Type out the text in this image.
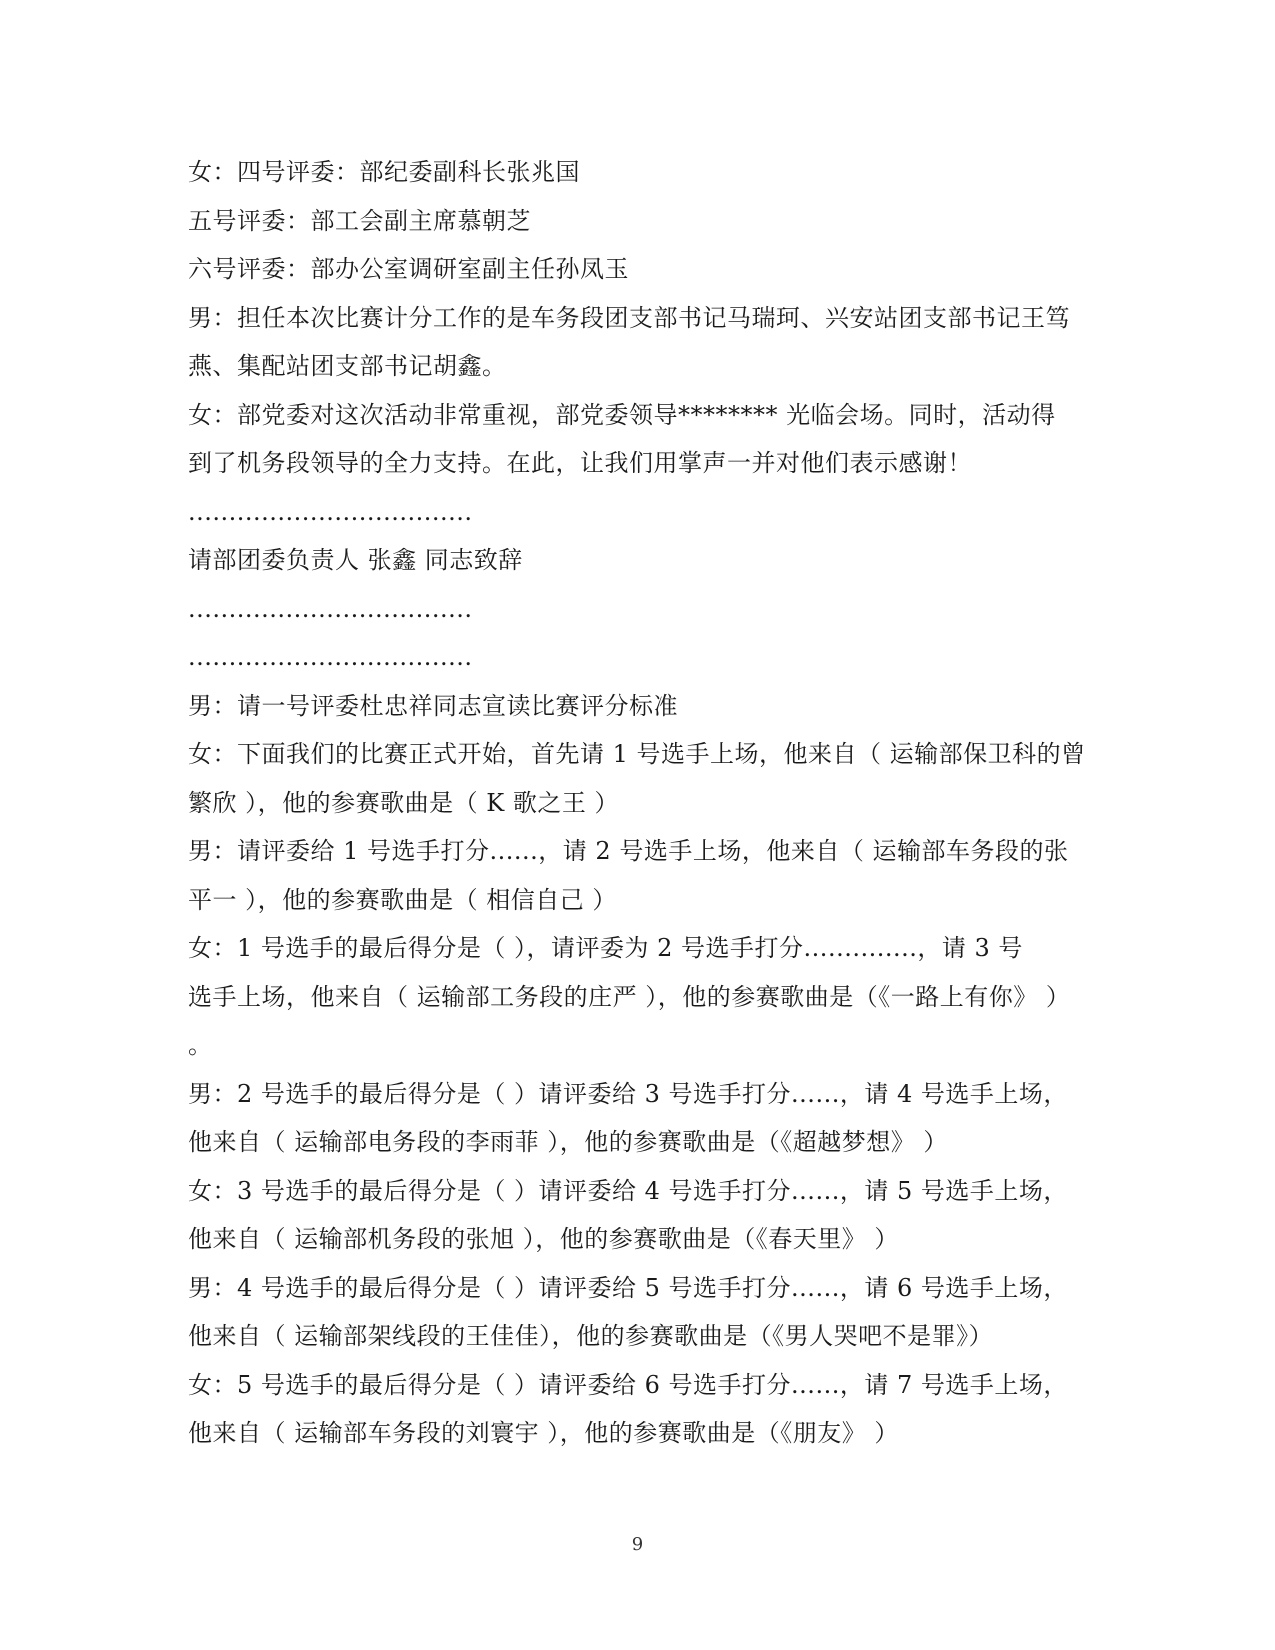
女：四号评委：部纪委副科长张兆国
五号评委：部工会副主席慕朝芝
六号评委：部办公室调研室副主任孙凤玉
男：担任本次比赛计分工作的是车务段团支部书记马瑞珂、兴安站团支部书记王笃
燕、集配站团支部书记胡鑫。
女：部党委对这次活动非常重视，部党委领导******** 光临会场。同时，活动得
到了机务段领导的全力支持。在此，让我们用掌声一并对他们表示感谢！
...................................
请部团委负责人 张鑫 同志致辞
...................................
...................................
男：请一号评委杜忠祥同志宣读比赛评分标准
女：下面我们的比赛正式开始，首先请 1 号选手上场，他来自（ 运输部保卫科的曾
繁欣 ），他的参赛歌曲是（ K 歌之王 ）
男：请评委给 1 号选手打分......，请 2 号选手上场，他来自（ 运输部车务段的张
平一 ），他的参赛歌曲是（ 相信自己 ）
女：1 号选手的最后得分是（ ），请评委为 2 号选手打分..............，请 3 号
选手上场，他来自（ 运输部工务段的庄严 ），他的参赛歌曲是（《一路上有你》 ）
。
男：2 号选手的最后得分是（ ）请评委给 3 号选手打分......，请 4 号选手上场，
他来自（ 运输部电务段的李雨菲 ），他的参赛歌曲是（《超越梦想》 ）
女：3 号选手的最后得分是（ ）请评委给 4 号选手打分......，请 5 号选手上场，
他来自（ 运输部机务段的张旭 ），他的参赛歌曲是（《春天里》 ）
男：4 号选手的最后得分是（ ）请评委给 5 号选手打分......，请 6 号选手上场，
他来自（ 运输部架线段的王佳佳），他的参赛歌曲是（《男人哭吧不是罪》）
女：5 号选手的最后得分是（ ）请评委给 6 号选手打分......，请 7 号选手上场，
他来自（ 运输部车务段的刘寰宇 ），他的参赛歌曲是（《朋友》 ）
9
